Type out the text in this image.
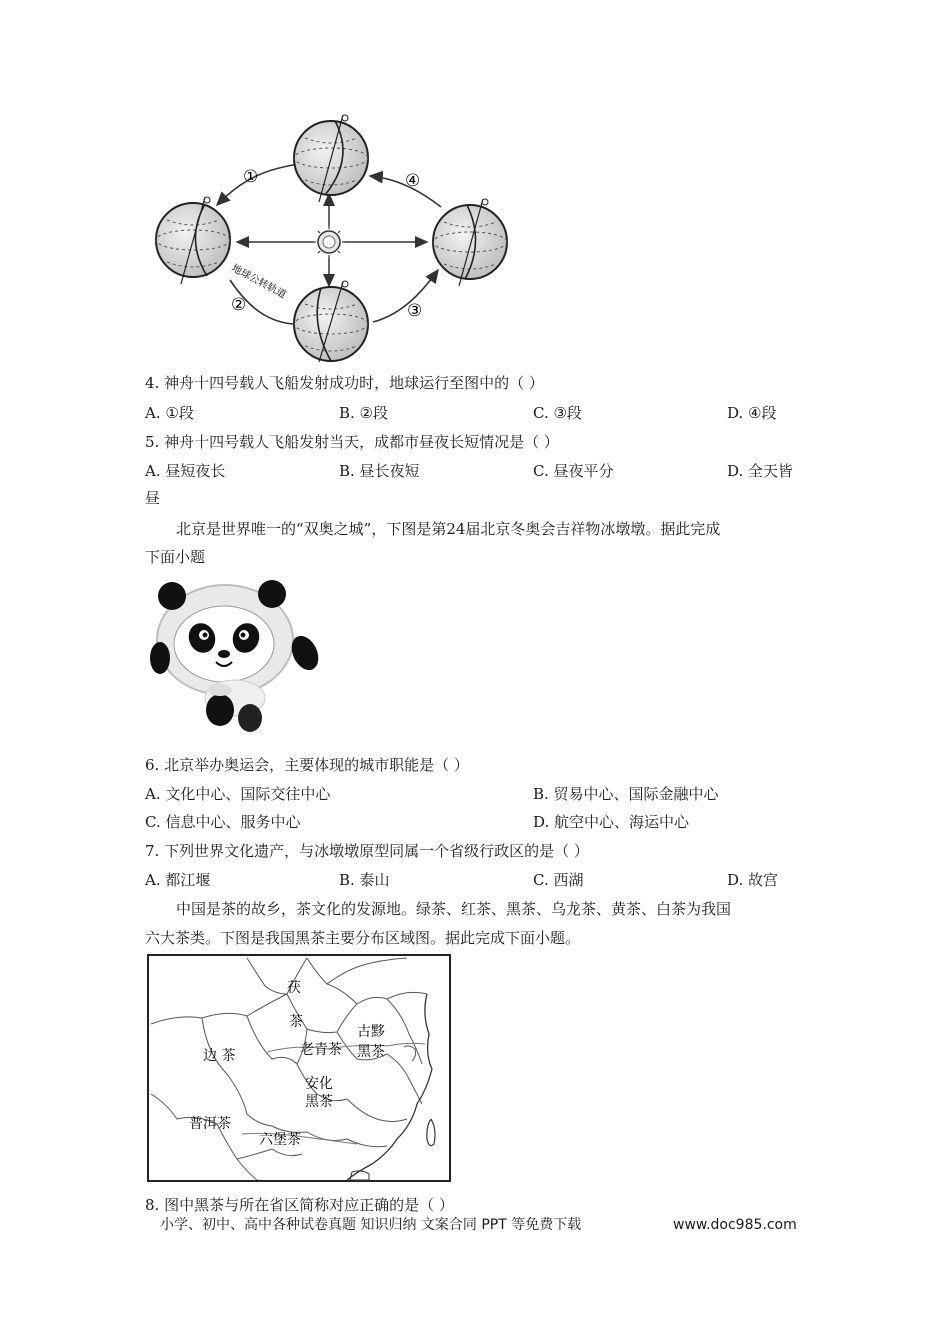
①
②	③
④
地球公转轨道
4. 神舟十四号载人飞船发射成功时，地球运行至图中的（ ）
A. ①段	B. ②段	C. ③段	D. ④段
5. 神舟十四号载人飞船发射当天，成都市昼夜长短情况是（ ）
A. 昼短夜长	B. 昼长夜短	C. 昼夜平分	D. 全天皆
昼
北京是世界唯一的“双奥之城”，下图是第24届北京冬奥会吉祥物冰墩墩。据此完成
下面小题
6. 北京举办奥运会，主要体现的城市职能是（ ）
A. 文化中心、国际交往中心	B. 贸易中心、国际金融中心
C. 信息中心、服务中心	D. 航空中心、海运中心
7. 下列世界文化遗产，与冰墩墩原型同属一个省级行政区的是（ ）
A. 都江堰	B. 泰山	C. 西湖	D. 故宫
中国是茶的故乡，茶文化的发源地。绿茶、红茶、黑茶、乌龙茶、黄茶、白茶为我国
六大茶类。下图是我国黑茶主要分布区域图。据此完成下面小题。
茯
茶
边 茶	老青茶
古黟
黑茶
安化
黑茶
普洱茶
六堡茶
8. 图中黑茶与所在省区简称对应正确的是（ ）
小学、初中、高中各种试卷真题 知识归纳 文案合同 PPT 等免费下载	www.doc985.com
